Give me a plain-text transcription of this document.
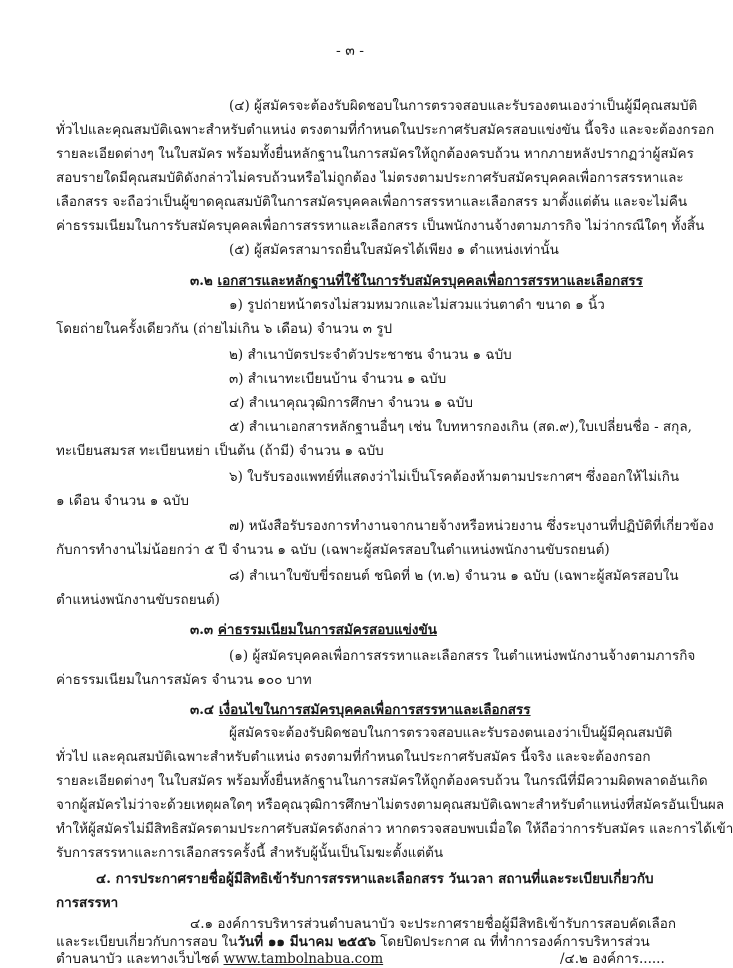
- ๓ -
(๔) ผู้สมัครจะต้องรับผิดชอบในการตรวจสอบและรับรองตนเองว่าเป็นผู้มีคุณสมบัติ
ทั่วไปและคุณสมบัติเฉพาะสำหรับตำแหน่ง ตรงตามที่กำหนดในประกาศรับสมัครสอบแข่งขัน นี้จริง และจะต้องกรอก
รายละเอียดต่างๆ ในใบสมัคร พร้อมทั้งยื่นหลักฐานในการสมัครให้ถูกต้องครบถ้วน หากภายหลังปรากฏว่าผู้สมัคร
สอบรายใดมีคุณสมบัติดังกล่าวไม่ครบถ้วนหรือไม่ถูกต้อง ไม่ตรงตามประกาศรับสมัครบุคคลเพื่อการสรรหาและ
เลือกสรร จะถือว่าเป็นผู้ขาดคุณสมบัติในการสมัครบุคคลเพื่อการสรรหาและเลือกสรร มาตั้งแต่ต้น และจะไม่คืน
ค่าธรรมเนียมในการรับสมัครบุคคลเพื่อการสรรหาและเลือกสรร เป็นพนักงานจ้างตามภารกิจ ไม่ว่ากรณีใดๆ ทั้งสิ้น
(๕) ผู้สมัครสามารถยื่นใบสมัครได้เพียง ๑ ตำแหน่งเท่านั้น
๓.๒ เอกสารและหลักฐานที่ใช้ในการรับสมัครบุคคลเพื่อการสรรหาและเลือกสรร
๑) รูปถ่ายหน้าตรงไม่สวมหมวกและไม่สวมแว่นตาดำ ขนาด ๑ นิ้ว
โดยถ่ายในครั้งเดียวกัน (ถ่ายไม่เกิน ๖ เดือน) จำนวน ๓ รูป
๒) สำเนาบัตรประจำตัวประชาชน จำนวน ๑ ฉบับ
๓) สำเนาทะเบียนบ้าน จำนวน ๑ ฉบับ
๔) สำเนาคุณวุฒิการศึกษา จำนวน ๑ ฉบับ
๕) สำเนาเอกสารหลักฐานอื่นๆ เช่น ใบทหารกองเกิน (สด.๙),ใบเปลี่ยนชื่อ - สกุล,
ทะเบียนสมรส ทะเบียนหย่า เป็นต้น (ถ้ามี) จำนวน ๑ ฉบับ
๖) ใบรับรองแพทย์ที่แสดงว่าไม่เป็นโรคต้องห้ามตามประกาศฯ ซึ่งออกให้ไม่เกิน
๑ เดือน จำนวน ๑ ฉบับ
๗) หนังสือรับรองการทำงานจากนายจ้างหรือหน่วยงาน ซึ่งระบุงานที่ปฏิบัติที่เกี่ยวข้อง
กับการทำงานไม่น้อยกว่า ๕ ปี จำนวน ๑ ฉบับ (เฉพาะผู้สมัครสอบในตำแหน่งพนักงานขับรถยนต์)
๘) สำเนาใบขับขี่รถยนต์ ชนิดที่ ๒ (ท.๒) จำนวน ๑ ฉบับ (เฉพาะผู้สมัครสอบใน
ตำแหน่งพนักงานขับรถยนต์)
๓.๓ ค่าธรรมเนียมในการสมัครสอบแข่งขัน
(๑) ผู้สมัครบุคคลเพื่อการสรรหาและเลือกสรร ในตำแหน่งพนักงานจ้างตามภารกิจ
ค่าธรรมเนียมในการสมัคร จำนวน ๑๐๐ บาท
๓.๔ เงื่อนไขในการสมัครบุคคลเพื่อการสรรหาและเลือกสรร
ผู้สมัครจะต้องรับผิดชอบในการตรวจสอบและรับรองตนเองว่าเป็นผู้มีคุณสมบัติ
ทั่วไป และคุณสมบัติเฉพาะสำหรับตำแหน่ง ตรงตามที่กำหนดในประกาศรับสมัคร นี้จริง และจะต้องกรอก
รายละเอียดต่างๆ ในใบสมัคร พร้อมทั้งยื่นหลักฐานในการสมัครให้ถูกต้องครบถ้วน ในกรณีที่มีความผิดพลาดอันเกิด
จากผู้สมัครไม่ว่าจะด้วยเหตุผลใดๆ หรือคุณวุฒิการศึกษาไม่ตรงตามคุณสมบัติเฉพาะสำหรับตำแหน่งที่สมัครอันเป็นผล
ทำให้ผู้สมัครไม่มีสิทธิสมัครตามประกาศรับสมัครดังกล่าว หากตรวจสอบพบเมื่อใด ให้ถือว่าการรับสมัคร และการได้เข้า
รับการสรรหาและการเลือกสรรครั้งนี้ สำหรับผู้นั้นเป็นโมฆะตั้งแต่ต้น
๔. การประกาศรายชื่อผู้มีสิทธิเข้ารับการสรรหาและเลือกสรร วันเวลา สถานที่และระเบียบเกี่ยวกับ
การสรรหา
๔.๑ องค์การบริหารส่วนตำบลนาบัว จะประกาศรายชื่อผู้มีสิทธิเข้ารับการสอบคัดเลือก
และระเบียบเกี่ยวกับการสอบ ในวันที่ ๑๑ มีนาคม ๒๕๕๖ โดยปิดประกาศ ณ ที่ทำการองค์การบริหารส่วน
ตำบลนาบัว และทางเว็บไซต์ www.tambolnabua.com	/๔.๒ องค์การ......
